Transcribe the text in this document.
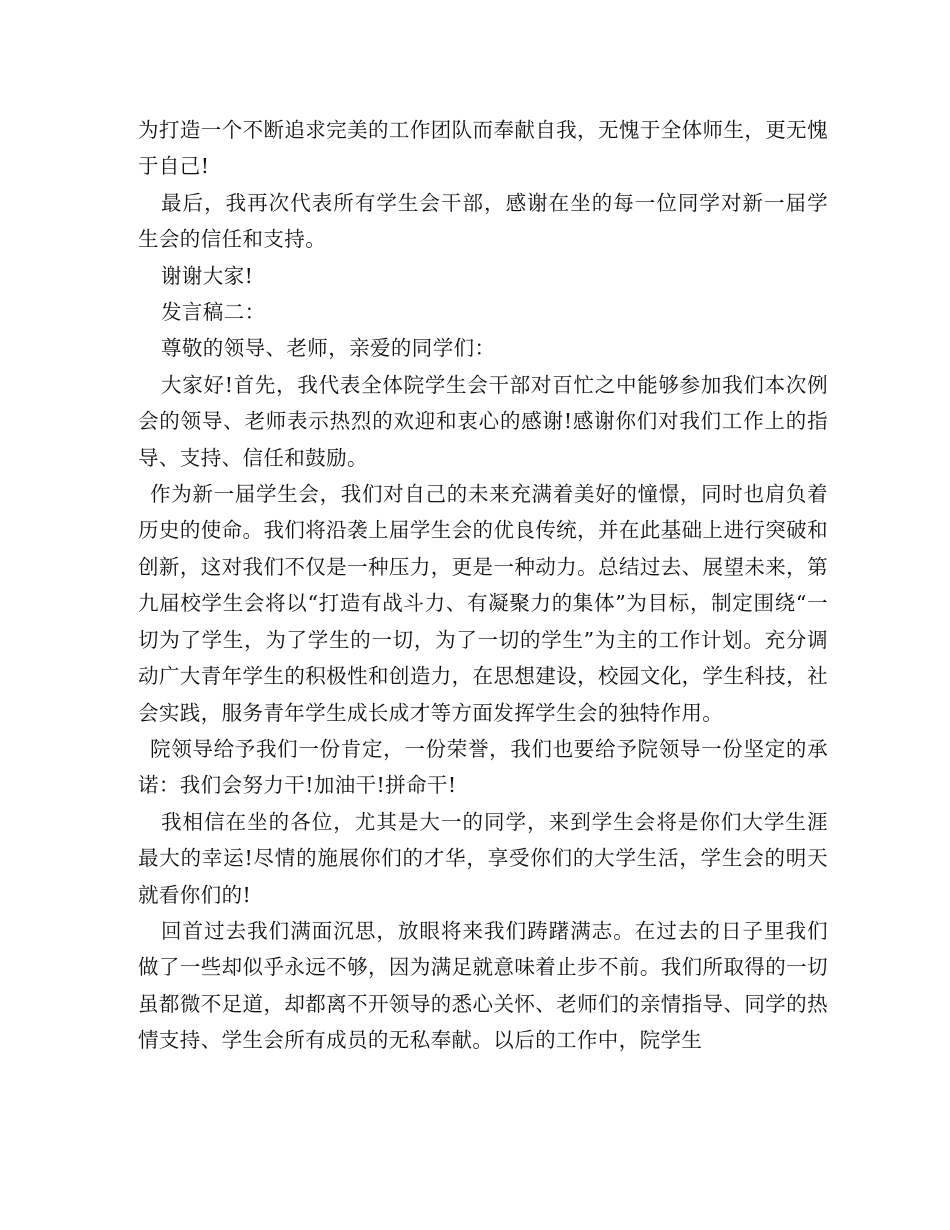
为打造一个不断追求完美的工作团队而奉献自我，无愧于全体师生，更无愧于自己!

最后，我再次代表所有学生会干部，感谢在坐的每一位同学对新一届学生会的信任和支持。

谢谢大家!

发言稿二：

尊敬的领导、老师，亲爱的同学们：

大家好!首先，我代表全体院学生会干部对百忙之中能够参加我们本次例会的领导、老师表示热烈的欢迎和衷心的感谢!感谢你们对我们工作上的指导、支持、信任和鼓励。

作为新一届学生会，我们对自己的未来充满着美好的憧憬，同时也肩负着历史的使命。我们将沿袭上届学生会的优良传统，并在此基础上进行突破和创新，这对我们不仅是一种压力，更是一种动力。总结过去、展望未来，第九届校学生会将以“打造有战斗力、有凝聚力的集体”为目标，制定围绕“一切为了学生，为了学生的一切，为了一切的学生”为主的工作计划。充分调动广大青年学生的积极性和创造力，在思想建设，校园文化，学生科技，社会实践，服务青年学生成长成才等方面发挥学生会的独特作用。

院领导给予我们一份肯定，一份荣誉，我们也要给予院领导一份坚定的承诺：我们会努力干!加油干!拼命干!

我相信在坐的各位，尤其是大一的同学，来到学生会将是你们大学生涯最大的幸运!尽情的施展你们的才华，享受你们的大学生活，学生会的明天就看你们的!

回首过去我们满面沉思，放眼将来我们踌躇满志。在过去的日子里我们做了一些却似乎永远不够，因为满足就意味着止步不前。我们所取得的一切虽都微不足道，却都离不开领导的悉心关怀、老师们的亲情指导、同学的热情支持、学生会所有成员的无私奉献。以后的工作中，院学生
